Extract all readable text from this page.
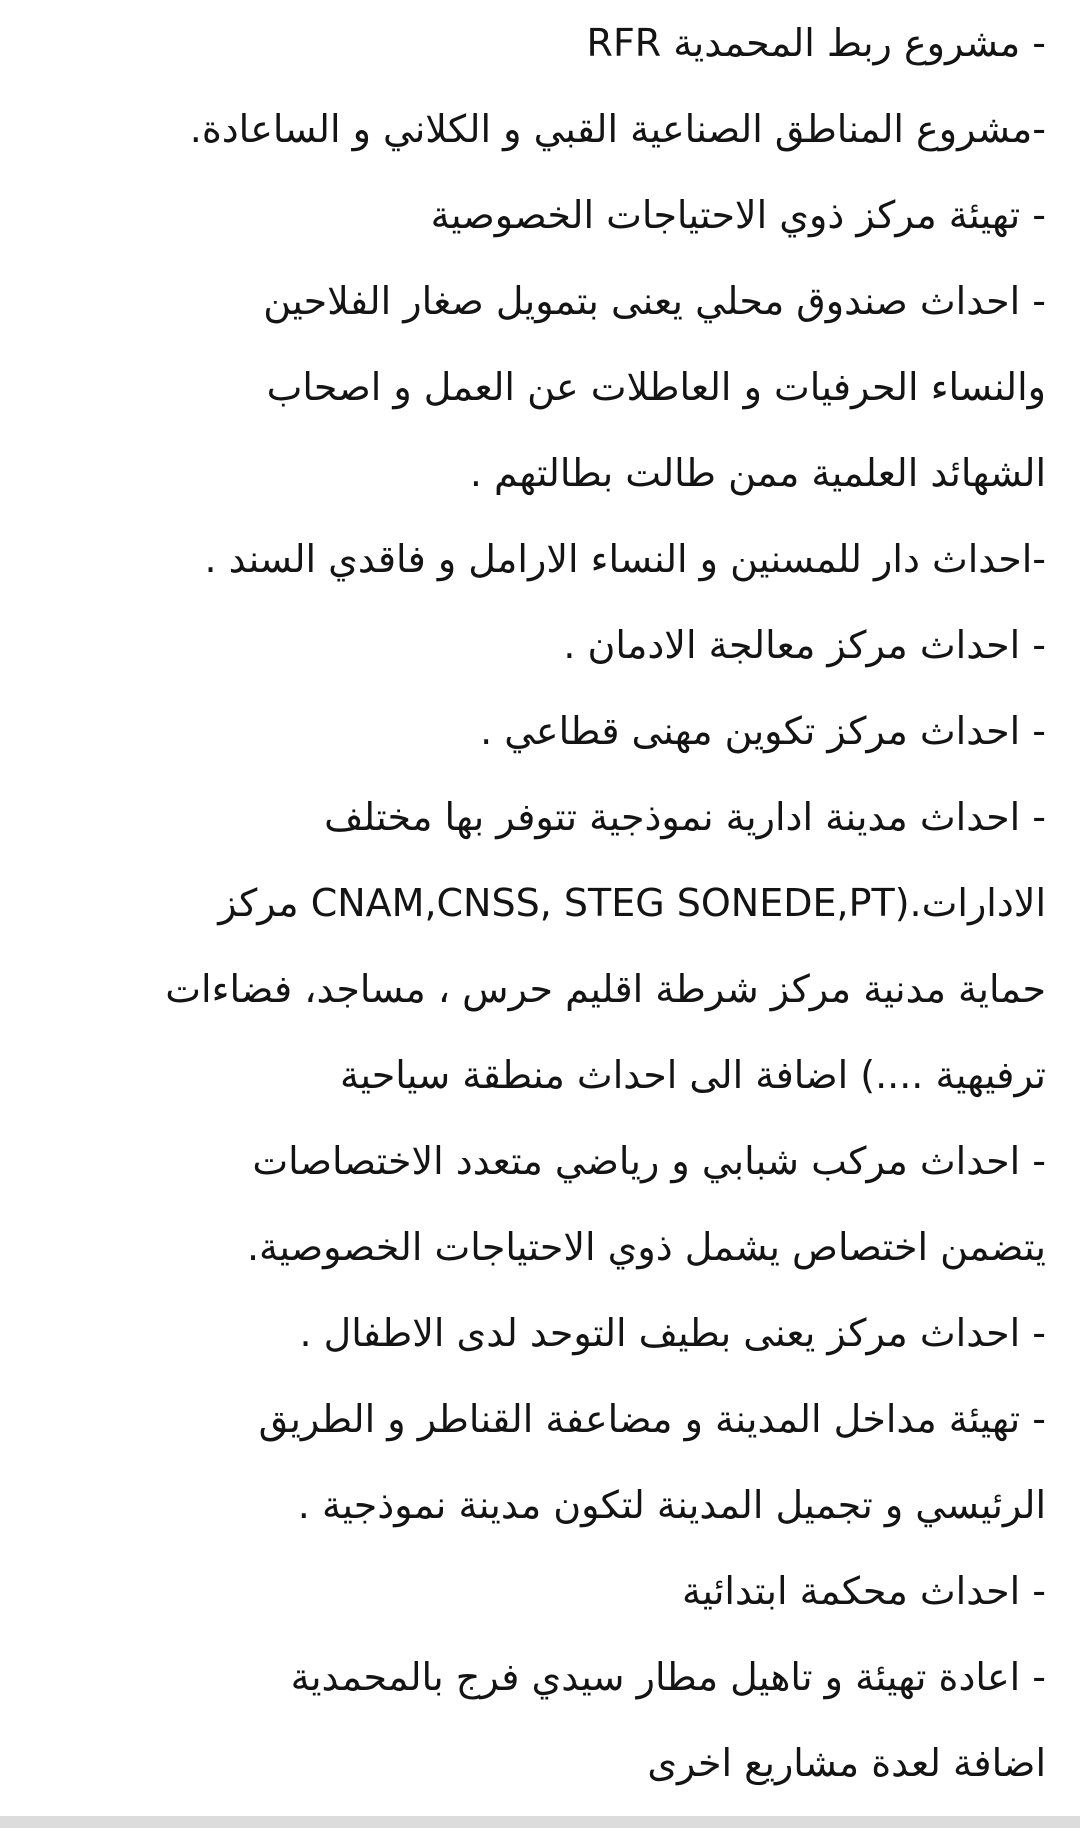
- مشروع ربط المحمدية RFR
-مشروع المناطق الصناعية القبي و الكلاني و الساعادة.
- تهيئة مركز ذوي الاحتياجات الخصوصية
- احداث صندوق محلي يعنى بتمويل صغار الفلاحين
والنساء الحرفيات و العاطلات عن العمل و اصحاب
الشهائد العلمية ممن طالت بطالتهم .
-احداث دار للمسنين و النساء الارامل و فاقدي السند .
- احداث مركز معالجة الادمان .
- احداث مركز تكوين مهنى قطاعي .
- احداث مدينة ادارية نموذجية تتوفر بها مختلف
الادارات.(CNAM,CNSS, STEG SONEDE,PT مركز
حماية مدنية مركز شرطة اقليم حرس ، مساجد، فضاءات
ترفيهية ....) اضافة الى احداث منطقة سياحية
- احداث مركب شبابي و رياضي متعدد الاختصاصات
يتضمن اختصاص يشمل ذوي الاحتياجات الخصوصية.
- احداث مركز يعنى بطيف التوحد لدى الاطفال .
- تهيئة مداخل المدينة و مضاعفة القناطر و الطريق
الرئيسي و تجميل المدينة لتكون مدينة نموذجية .
- احداث محكمة ابتدائية
- اعادة تهيئة و تاهيل مطار سيدي فرج بالمحمدية
اضافة لعدة مشاريع اخرى
